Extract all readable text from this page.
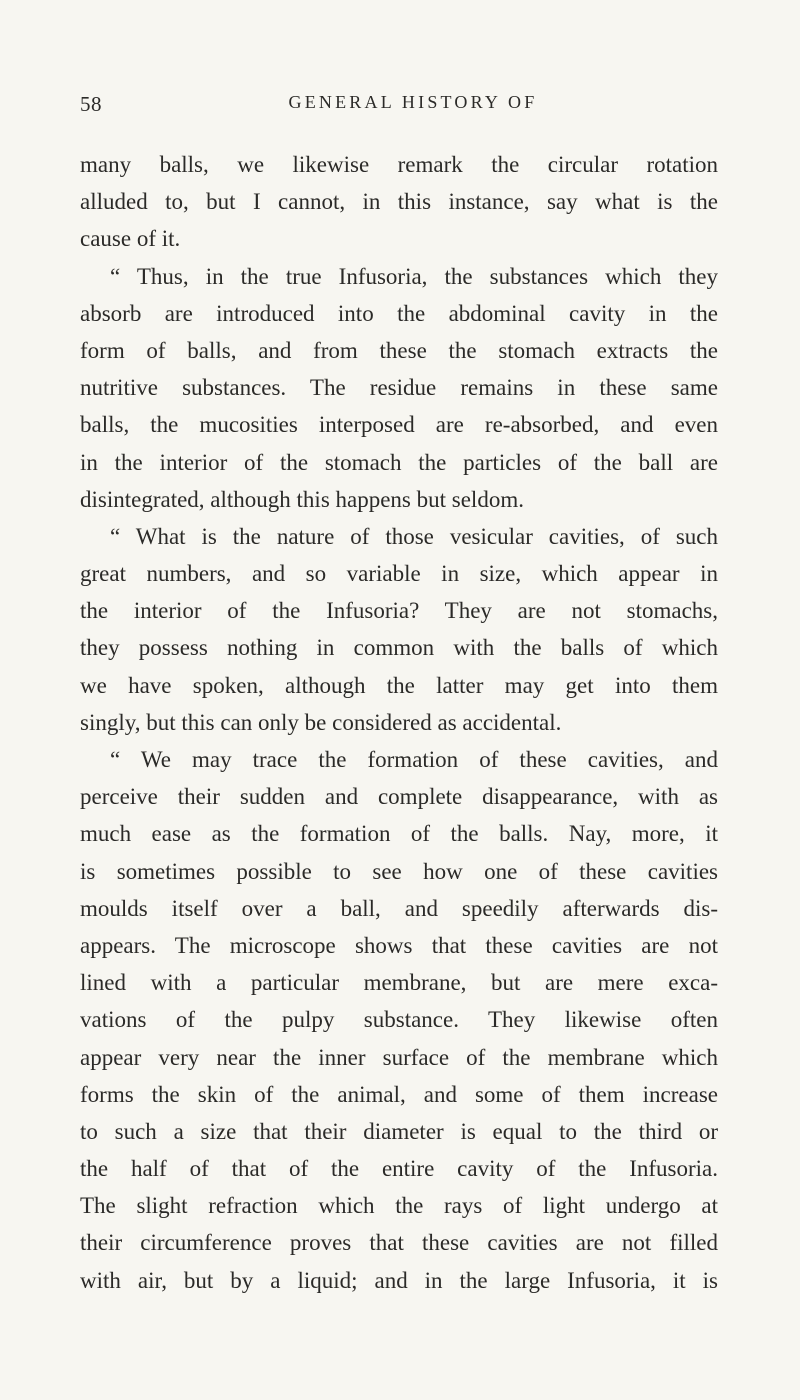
58	GENERAL HISTORY OF
many balls, we likewise remark the circular rotation
alluded to, but I cannot, in this instance, say what is the
cause of it.
“ Thus, in the true Infusoria, the substances which they
absorb are introduced into the abdominal cavity in the
form of balls, and from these the stomach extracts the
nutritive substances. The residue remains in these same
balls, the mucosities interposed are re-absorbed, and even
in the interior of the stomach the particles of the ball are
disintegrated, although this happens but seldom.
“ What is the nature of those vesicular cavities, of such
great numbers, and so variable in size, which appear in
the interior of the Infusoria? They are not stomachs,
they possess nothing in common with the balls of which
we have spoken, although the latter may get into them
singly, but this can only be considered as accidental.
“ We may trace the formation of these cavities, and
perceive their sudden and complete disappearance, with as
much ease as the formation of the balls. Nay, more, it
is sometimes possible to see how one of these cavities
moulds itself over a ball, and speedily afterwards dis-
appears. The microscope shows that these cavities are not
lined with a particular membrane, but are mere exca-
vations of the pulpy substance. They likewise often
appear very near the inner surface of the membrane which
forms the skin of the animal, and some of them increase
to such a size that their diameter is equal to the third or
the half of that of the entire cavity of the Infusoria.
The slight refraction which the rays of light undergo at
their circumference proves that these cavities are not filled
with air, but by a liquid; and in the large Infusoria, it is
